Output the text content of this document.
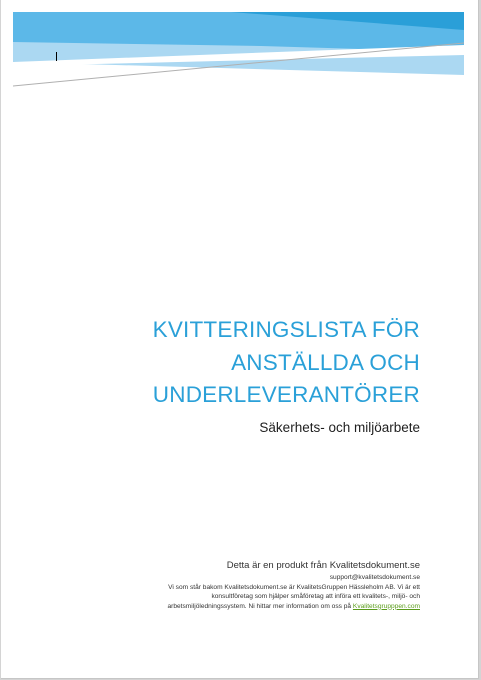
KVITTERINGSLISTA FÖR
ANSTÄLLDA OCH
UNDERLEVERANTÖRER
Säkerhets- och miljöarbete
Detta är en produkt från Kvalitetsdokument.se
support@kvalitetsdokument.se
Vi som står bakom Kvalitetsdokument.se är KvalitetsGruppen Hässleholm AB. Vi är ett
konsultföretag som hjälper småföretag att införa ett kvalitets-, miljö- och
arbetsmiljöledningssystem. Ni hittar mer information om oss på Kvalitetsgrupppen.com
